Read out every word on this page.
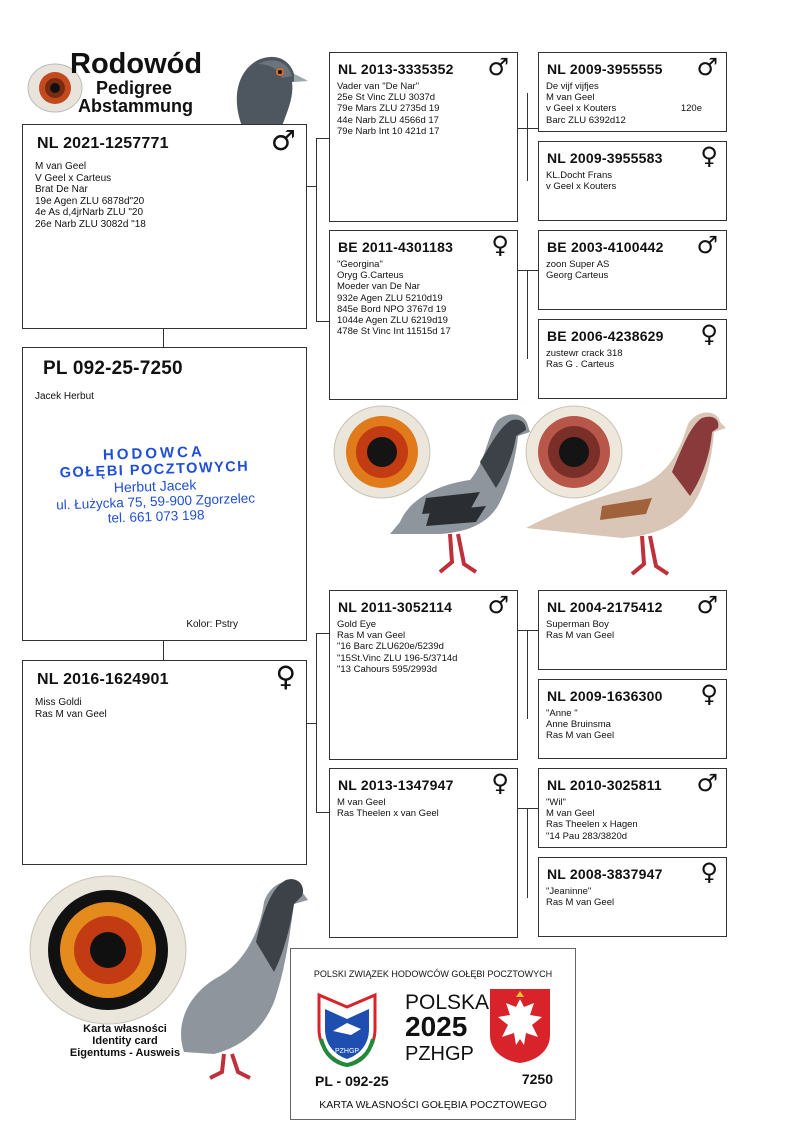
Rodowód
Pedigree
Abstammung
NL 2021-1257771	♂
M van Geel
V Geel x Carteus
Brat De Nar
19e Agen ZLU 6878d"20
4e As d,4jrNarb ZLU "20
26e Narb ZLU 3082d "18
PL 092-25-7250
Jacek Herbut
Kolor: Pstry
HODOWCA
GOŁĘBI POCZTOWYCH
Herbut Jacek
ul. Łużycka 75, 59-900 Zgorzelec
tel. 661 073 198
NL 2016-1624901	♀
Miss Goldi
Ras M van Geel
NL 2013-3335352 ♂
Vader van "De Nar"
25e St Vinc ZLU 3037d
79e Mars ZLU 2735d 19
44e Narb ZLU 4566d 17
79e Narb Int 10 421d 17
BE 2011-4301183 ♀
"Georgina"
Oryg G.Carteus
Moeder van De Nar
932e Agen ZLU 5210d19
845e Bord NPO 3767d 19
1044e Agen ZLU 6219d19
478e St Vinc Int 11515d 17
NL 2011-3052114 ♂
Gold Eye
Ras M van Geel
"16 Barc ZLU620e/5239d
"15St.Vinc ZLU 196-5/3714d
"13 Cahours 595/2993d
NL 2013-1347947 ♀
M van Geel
Ras Theelen x van Geel
NL 2009-3955555 ♂
De vijf vijfjes
M van Geel
v Geel x Kouters
Barc ZLU 6392d12
120e
NL 2009-3955583 ♀
KL.Docht Frans
v Geel x Kouters
BE 2003-4100442 ♂
zoon Super AS
Georg Carteus
BE 2006-4238629 ♀
zustewr crack 318
Ras G . Carteus
NL 2004-2175412 ♂
Superman Boy
Ras M van Geel
NL 2009-1636300 ♀
"Anne "
Anne Bruinsma
Ras M van Geel
NL 2010-3025811 ♂
"Wil"
M van Geel
Ras Theelen x Hagen
"14 Pau 283/3820d
NL 2008-3837947 ♀
"Jeaninne"
Ras M van Geel
Karta własności
Identity card
Eigentums - Ausweis
POLSKI ZWIĄZEK HODOWCÓW GOŁĘBI POCZTOWYCH
PZHGP
POLSKA
2025
PZHGP
PL - 092-25	7250
KARTA WŁASNOŚCI GOŁĘBIA POCZTOWEGO
